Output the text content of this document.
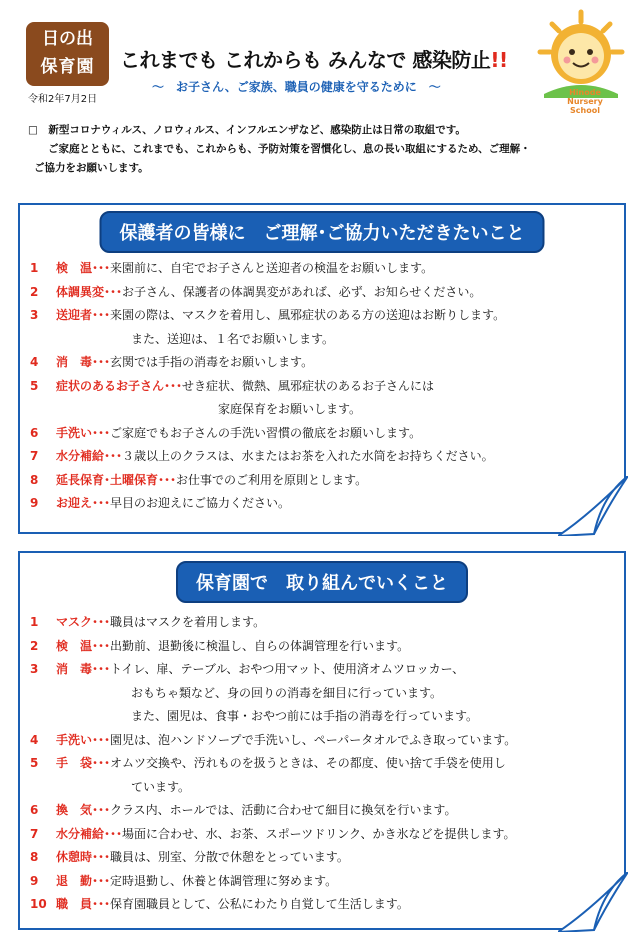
日の出
保育園
令和2年7月2日
これまでも これからも みんなで 感染防止!!
～　お子さん、ご家族、職員の健康を守るために　～	Hinode
Nursery School
□　新型コロナウィルス、ノロウィルス、インフルエンザなど、感染防止は日常の取組です。
ご家庭とともに、これまでも、これからも、予防対策を習慣化し、息の長い取組にするため、ご理解・
ご協力をお願いします。
保護者の皆様に　ご理解･ご協力いただきたいこと
1	検　温 ･･･ 来園前に、自宅でお子さんと送迎者の検温をお願いします。
2	体調異変 ･･･ お子さん、保護者の体調異変があれば、必ず、お知らせください。
3	送迎者 ･･･ 来園の際は、マスクを着用し、風邪症状のある方の送迎はお断りします。
また、送迎は、１名でお願いします。
4	消　毒 ･･･ 玄関では手指の消毒をお願いします。
5	症状のあるお子さん ･･･ せき症状、微熱、風邪症状のあるお子さんには
家庭保育をお願いします。
6	手洗い ･･･ ご家庭でもお子さんの手洗い習慣の徹底をお願いします。
7	水分補給 ･･･ ３歳以上のクラスは、水またはお茶を入れた水筒をお持ちください。
8	延長保育･土曜保育 ･･･ お仕事でのご利用を原則とします。
9	お迎え ･･･ 早目のお迎えにご協力ください。
保育園で　取り組んでいくこと
1	マスク ･･･ 職員はマスクを着用します。
2	検　温 ･･･ 出勤前、退勤後に検温し、自らの体調管理を行います。
3	消　毒 ･･･ トイレ、扉、テーブル、おやつ用マット、使用済オムツロッカー、
おもちゃ類など、身の回りの消毒を細目に行っています。
また、園児は、食事・おやつ前には手指の消毒を行っています。
4	手洗い ･･･ 園児は、泡ハンドソープで手洗いし、ペーパータオルでふき取っています。
5	手　袋 ･･･ オムツ交換や、汚れものを扱うときは、その都度、使い捨て手袋を使用し
ています。
6	換　気 ･･･ クラス内、ホールでは、活動に合わせて細目に換気を行います。
7	水分補給 ･･･ 場面に合わせ、水、お茶、スポーツドリンク、かき氷などを提供します。
8	休憩時 ･･･ 職員は、別室、分散で休憩をとっています。
9	退　勤 ･･･ 定時退勤し、休養と体調管理に努めます。
10 職　員 ･･･ 保育園職員として、公私にわたり自覚して生活します。
